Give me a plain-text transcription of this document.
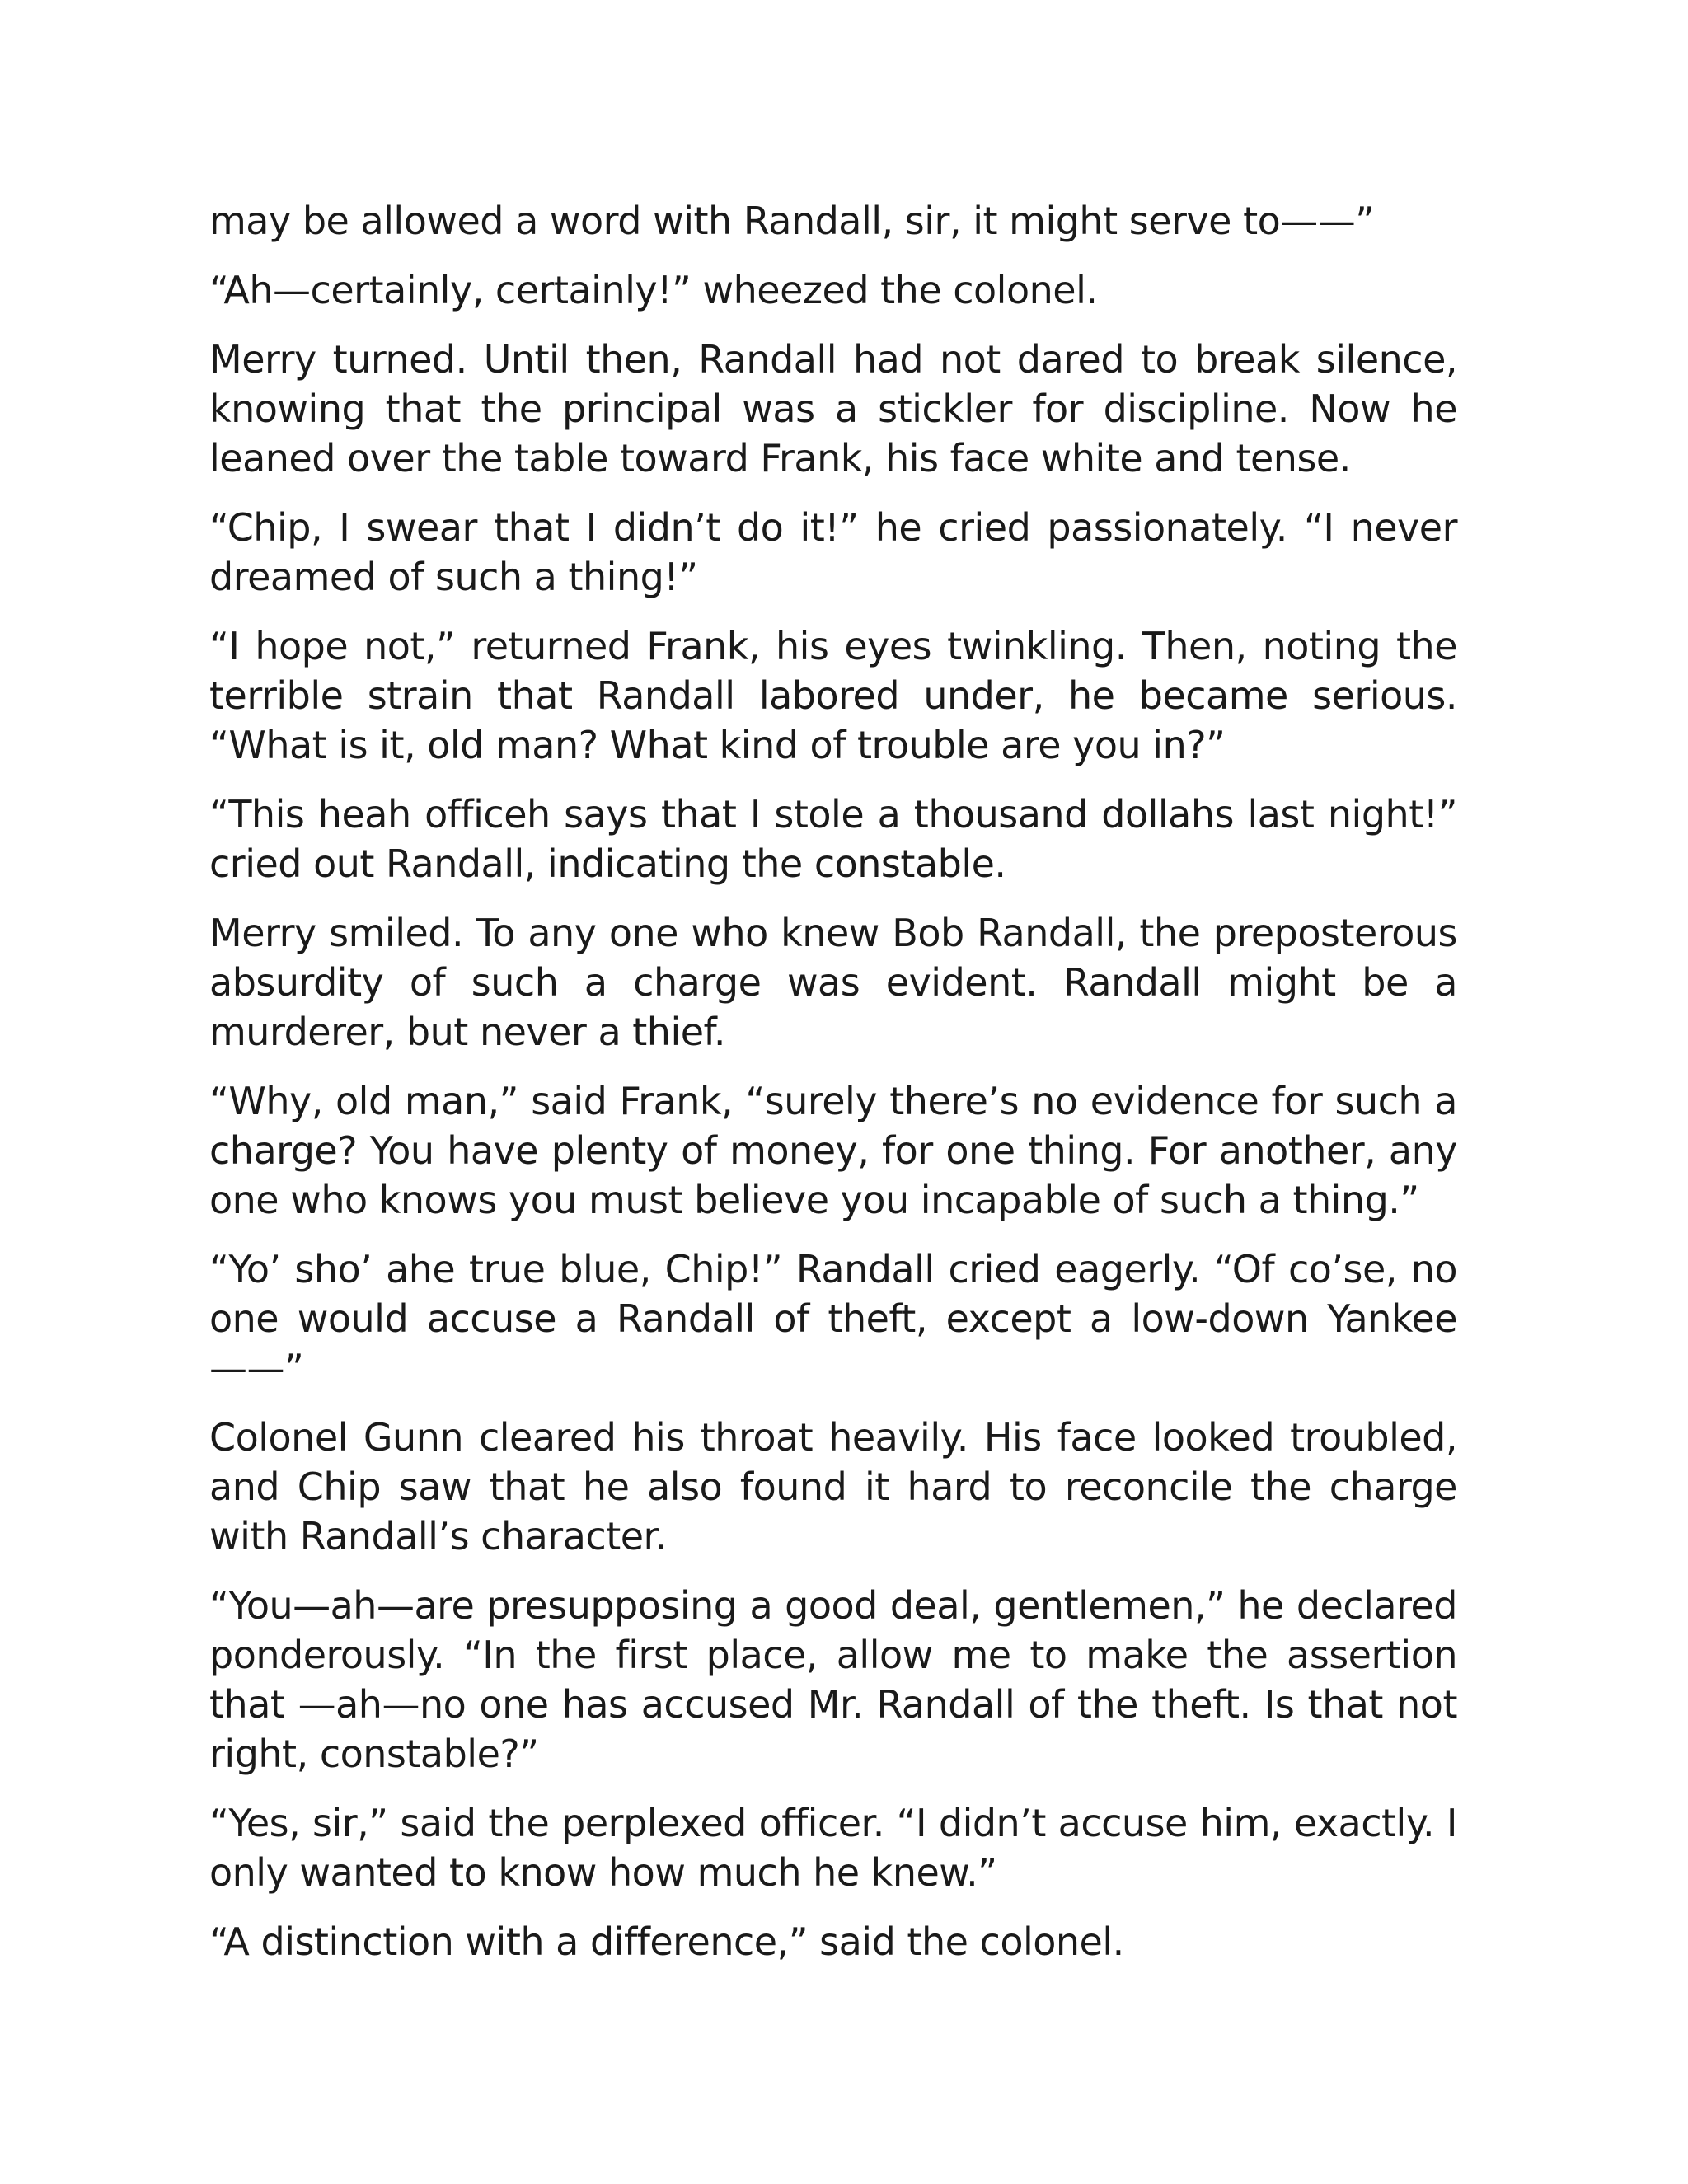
may be allowed a word with Randall, sir, it might serve to——”

“Ah—certainly, certainly!” wheezed the colonel.

Merry turned. Until then, Randall had not dared to break silence, knowing that the principal was a stickler for discipline. Now he leaned over the table toward Frank, his face white and tense.

“Chip, I swear that I didn’t do it!” he cried passionately. “I never dreamed of such a thing!”

“I hope not,” returned Frank, his eyes twinkling. Then, noting the terrible strain that Randall labored under, he became serious. “What is it, old man? What kind of trouble are you in?”

“This heah officeh says that I stole a thousand dollahs last night!” cried out Randall, indicating the constable.

Merry smiled. To any one who knew Bob Randall, the preposterous absurdity of such a charge was evident. Randall might be a murderer, but never a thief.

“Why, old man,” said Frank, “surely there’s no evidence for such a charge? You have plenty of money, for one thing. For another, any one who knows you must believe you incapable of such a thing.”

“Yo’ sho’ ahe true blue, Chip!” Randall cried eagerly. “Of co’se, no one would accuse a Randall of theft, except a low-down Yankee——”

Colonel Gunn cleared his throat heavily. His face looked troubled, and Chip saw that he also found it hard to reconcile the charge with Randall’s character.

“You—ah—are presupposing a good deal, gentlemen,” he declared ponderously. “In the first place, allow me to make the assertion that —ah—no one has accused Mr. Randall of the theft. Is that not right, constable?”

“Yes, sir,” said the perplexed officer. “I didn’t accuse him, exactly. I only wanted to know how much he knew.”

“A distinction with a difference,” said the colonel.
